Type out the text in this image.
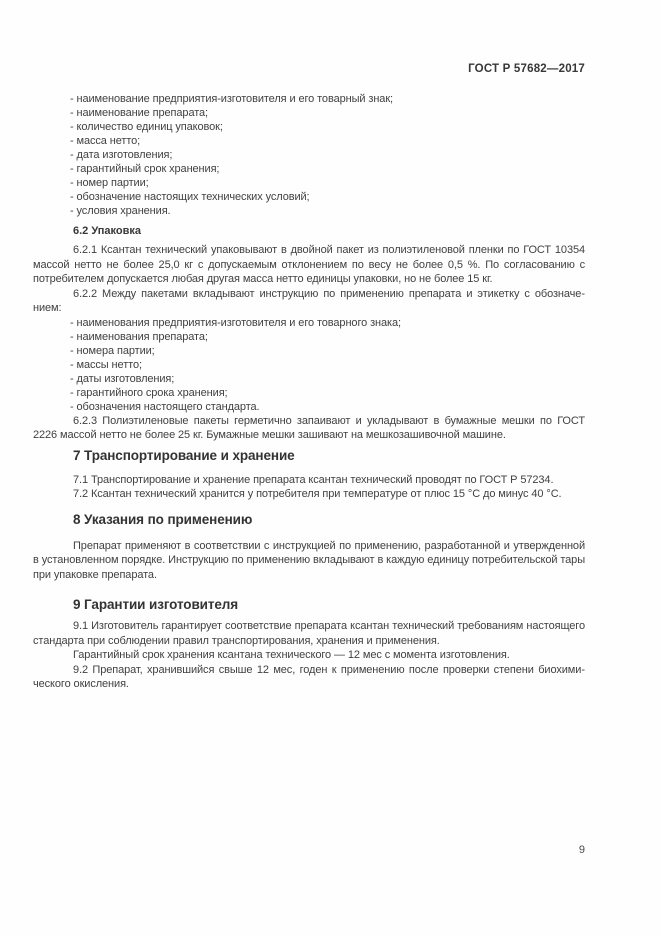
ГОСТ Р 57682—2017
- наименование предприятия-изготовителя и его товарный знак;
- наименование препарата;
- количество единиц упаковок;
- масса нетто;
- дата изготовления;
- гарантийный срок хранения;
- номер партии;
- обозначение настоящих технических условий;
- условия хранения.
6.2 Упаковка

6.2.1 Ксантан технический упаковывают в двойной пакет из полиэтиленовой пленки по ГОСТ 10354 массой нетто не более 25,0 кг с допускаемым отклонением по весу не более 0,5 %. По согласованию с потребителем допускается любая другая масса нетто единицы упаковки, но не более 15 кг.

6.2.2 Между пакетами вкладывают инструкцию по применению препарата и этикетку с обозначением:

- наименования предприятия-изготовителя и его товарного знака;
- наименования препарата;
- номера партии;
- массы нетто;
- даты изготовления;
- гарантийного срока хранения;
- обозначения настоящего стандарта.

6.2.3 Полиэтиленовые пакеты герметично запаивают и укладывают в бумажные мешки по ГОСТ 2226 массой нетто не более 25 кг. Бумажные мешки зашивают на мешкозашивочной машине.

7 Транспортирование и хранение

7.1 Транспортирование и хранение препарата ксантан технический проводят по ГОСТ Р 57234.

7.2 Ксантан технический хранится у потребителя при температуре от плюс 15 °С до минус 40 °С.

8 Указания по применению

Препарат применяют в соответствии с инструкцией по применению, разработанной и утвержденной в установленном порядке. Инструкцию по применению вкладывают в каждую единицу потребительской тары при упаковке препарата.

9 Гарантии изготовителя

9.1 Изготовитель гарантирует соответствие препарата ксантан технический требованиям настоящего стандарта при соблюдении правил транспортирования, хранения и применения.

Гарантийный срок хранения ксантана технического — 12 мес с момента изготовления.

9.2 Препарат, хранившийся свыше 12 мес, годен к применению после проверки степени биохимического окисления.

9
